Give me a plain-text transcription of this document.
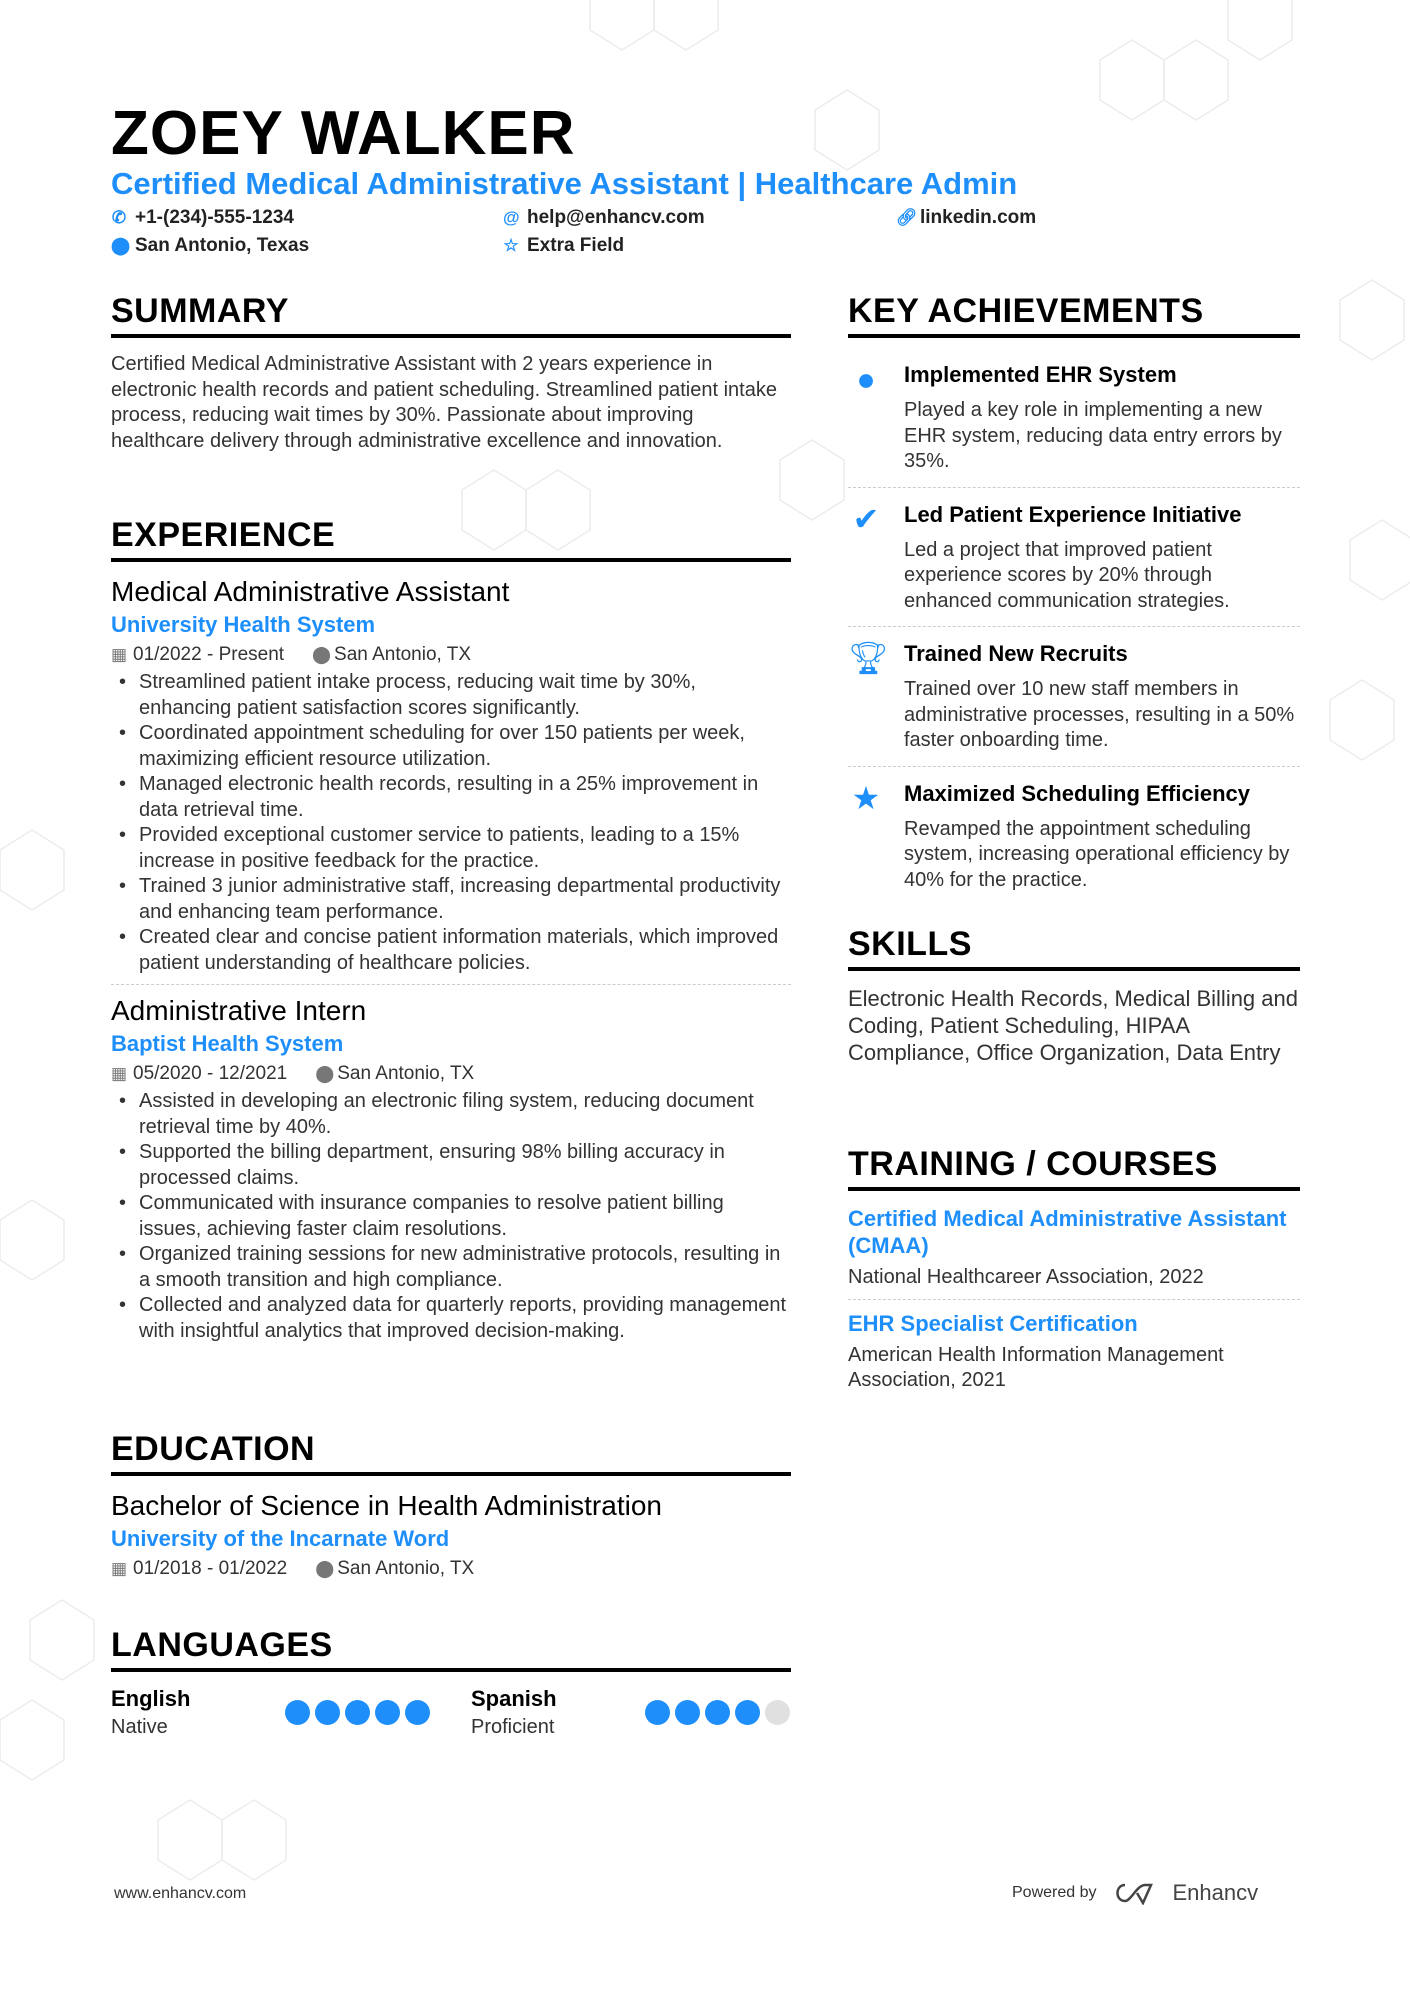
ZOEY WALKER
Certified Medical Administrative Assistant | Healthcare Admin
✆ +1-(234)-555-1234
⬤ San Antonio, Texas
@ help@enhancv.com
☆ Extra Field
🔗︎ linkedin.com
SUMMARY
Certified Medical Administrative Assistant with 2 years experience in electronic health records and patient scheduling. Streamlined patient intake process, reducing wait times by 30%. Passionate about improving healthcare delivery through administrative excellence and innovation.
EXPERIENCE
Medical Administrative Assistant
University Health System
▦ 01/2022 - Present ⬤ San Antonio, TX
• Streamlined patient intake process, reducing wait time by 30%, enhancing patient satisfaction scores significantly.
• Coordinated appointment scheduling for over 150 patients per week, maximizing efficient resource utilization.
• Managed electronic health records, resulting in a 25% improvement in data retrieval time.
• Provided exceptional customer service to patients, leading to a 15% increase in positive feedback for the practice.
• Trained 3 junior administrative staff, increasing departmental productivity and enhancing team performance.
• Created clear and concise patient information materials, which improved patient understanding of healthcare policies.
Administrative Intern
Baptist Health System
▦ 05/2020 - 12/2021 ⬤ San Antonio, TX
• Assisted in developing an electronic filing system, reducing document retrieval time by 40%.
• Supported the billing department, ensuring 98% billing accuracy in processed claims.
• Communicated with insurance companies to resolve patient billing issues, achieving faster claim resolutions.
• Organized training sessions for new administrative protocols, resulting in a smooth transition and high compliance.
• Collected and analyzed data for quarterly reports, providing management with insightful analytics that improved decision-making.
EDUCATION
Bachelor of Science in Health Administration
University of the Incarnate Word
▦ 01/2018 - 01/2022 ⬤ San Antonio, TX
LANGUAGES
English
Native
Spanish
Proficient
KEY ACHIEVEMENTS
●	Implemented EHR System
Played a key role in implementing a new EHR system, reducing data entry errors by 35%.
✔ Led Patient Experience Initiative
Led a project that improved patient experience scores by 20% through enhanced communication strategies.
🏆︎ Trained New Recruits
Trained over 10 new staff members in administrative processes, resulting in a 50% faster onboarding time.
★ Maximized Scheduling Efficiency
Revamped the appointment scheduling system, increasing operational efficiency by 40% for the practice.
SKILLS
Electronic Health Records, Medical Billing and Coding, Patient Scheduling, HIPAA Compliance, Office Organization, Data Entry
TRAINING / COURSES
Certified Medical Administrative Assistant (CMAA)
National Healthcareer Association, 2022
EHR Specialist Certification
American Health Information Management Association, 2021
www.enhancv.com	Powered by	Enhancv
